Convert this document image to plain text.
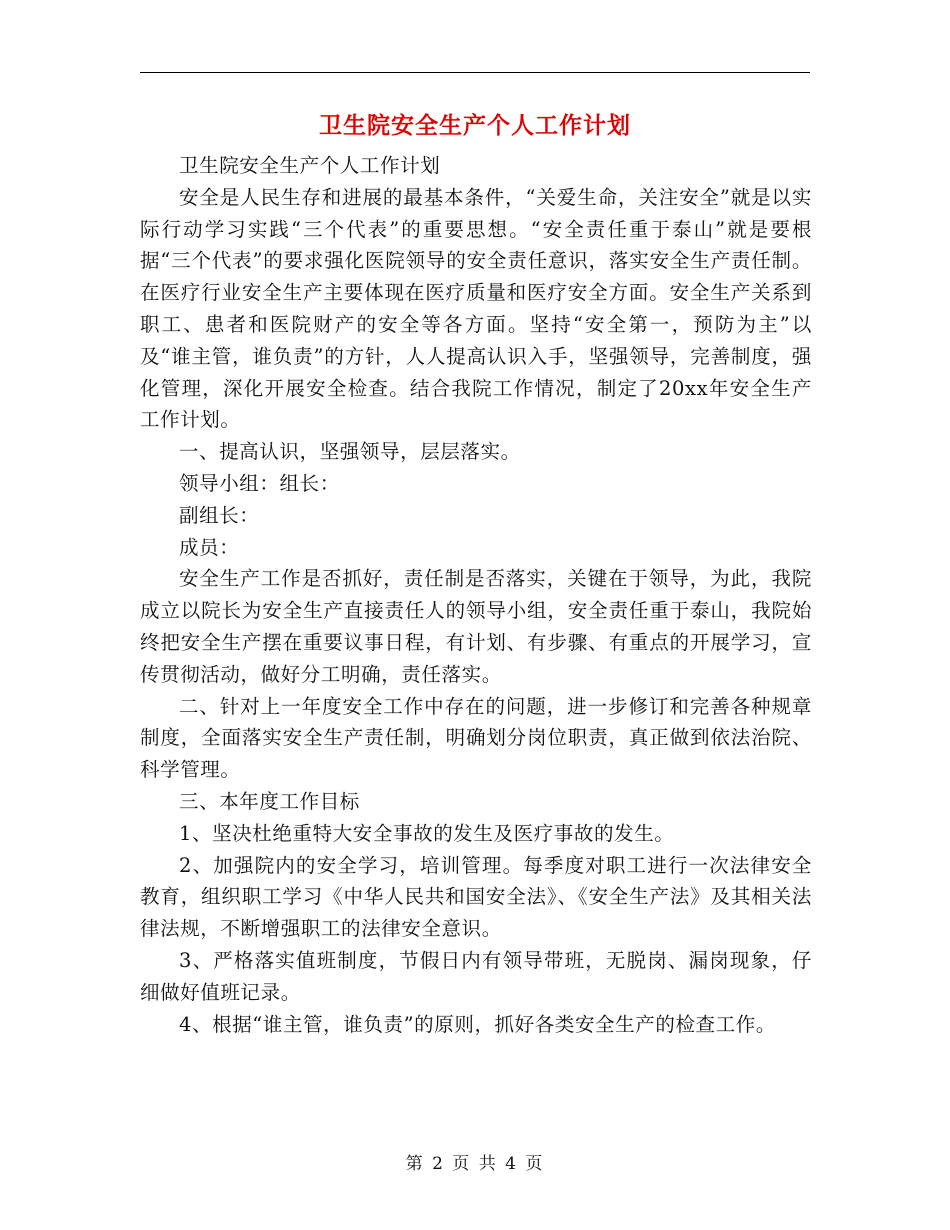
卫生院安全生产个人工作计划

卫生院安全生产个人工作计划

安全是人民生存和进展的最基本条件，“关爱生命，关注安全”就是以实际行动学习实践“三个代表”的重要思想。“安全责任重于泰山”就是要根据“三个代表”的要求强化医院领导的安全责任意识，落实安全生产责任制。在医疗行业安全生产主要体现在医疗质量和医疗安全方面。安全生产关系到职工、患者和医院财产的安全等各方面。坚持“安全第一，预防为主”以及“谁主管，谁负责”的方针，人人提高认识入手，坚强领导，完善制度，强化管理，深化开展安全检查。结合我院工作情况，制定了20xx年安全生产工作计划。

一、提高认识，坚强领导，层层落实。

领导小组：组长：

副组长：

成员：

安全生产工作是否抓好，责任制是否落实，关键在于领导，为此，我院成立以院长为安全生产直接责任人的领导小组，安全责任重于泰山，我院始终把安全生产摆在重要议事日程，有计划、有步骤、有重点的开展学习，宣传贯彻活动，做好分工明确，责任落实。

二、针对上一年度安全工作中存在的问题，进一步修订和完善各种规章制度，全面落实安全生产责任制，明确划分岗位职责，真正做到依法治院、科学管理。

三、本年度工作目标

1、坚决杜绝重特大安全事故的发生及医疗事故的发生。

2、加强院内的安全学习，培训管理。每季度对职工进行一次法律安全教育，组织职工学习《中华人民共和国安全法》、《安全生产法》及其相关法律法规，不断增强职工的法律安全意识。

3、严格落实值班制度，节假日内有领导带班，无脱岗、漏岗现象，仔细做好值班记录。

4、根据“谁主管，谁负责”的原则，抓好各类安全生产的检查工作。

第 2 页 共 4 页
